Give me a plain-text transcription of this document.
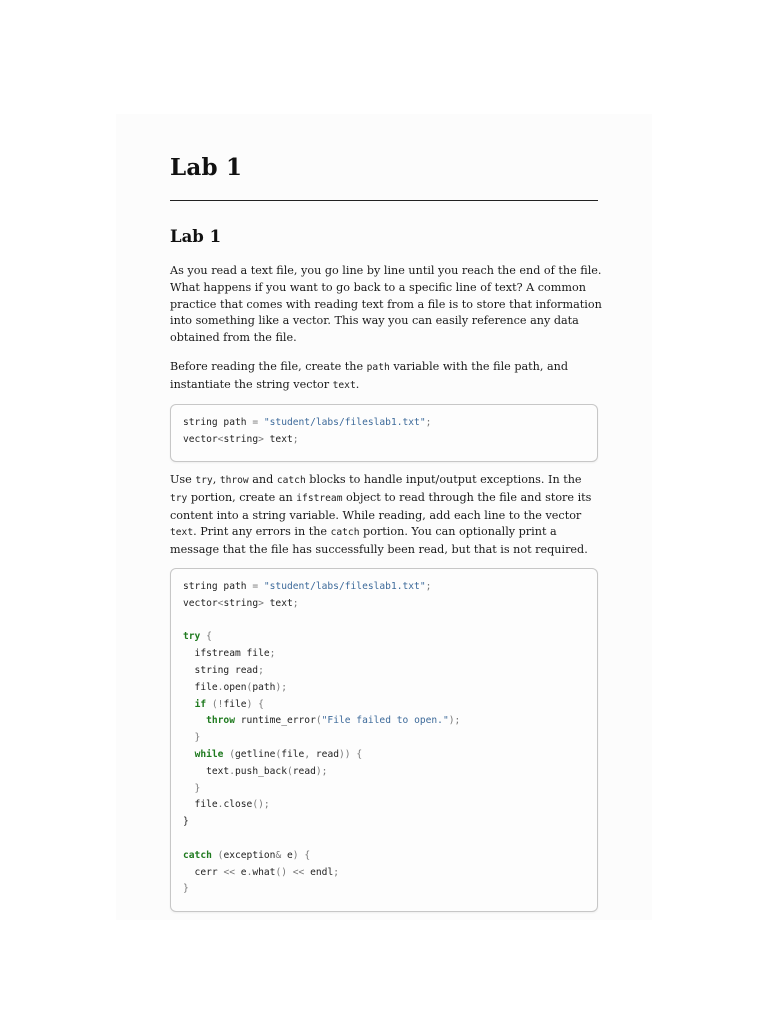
Lab 1
Lab 1

As you read a text file, you go line by line until you reach the end of the file. What happens if you want to go back to a specific line of text? A common practice that comes with reading text from a file is to store that information into something like a vector. This way you can easily reference any data obtained from the file.

Before reading the file, create the path variable with the file path, and instantiate the string vector text.

string path = "student/labs/fileslab1.txt";
vector<string> text;

Use try, throw and catch blocks to handle input/output exceptions. In the try portion, create an ifstream object to read through the file and store its content into a string variable. While reading, add each line to the vector text. Print any errors in the catch portion. You can optionally print a message that the file has successfully been read, but that is not required.

string path = "student/labs/fileslab1.txt";
vector<string> text;

try {
ifstream file;
string read;
file.open(path);
if (!file) {
throw runtime_error("File failed to open.");
}
while (getline(file, read)) {
text.push_back(read);
}
file.close();
}

catch (exception& e) {
cerr << e.what() << endl;
}
